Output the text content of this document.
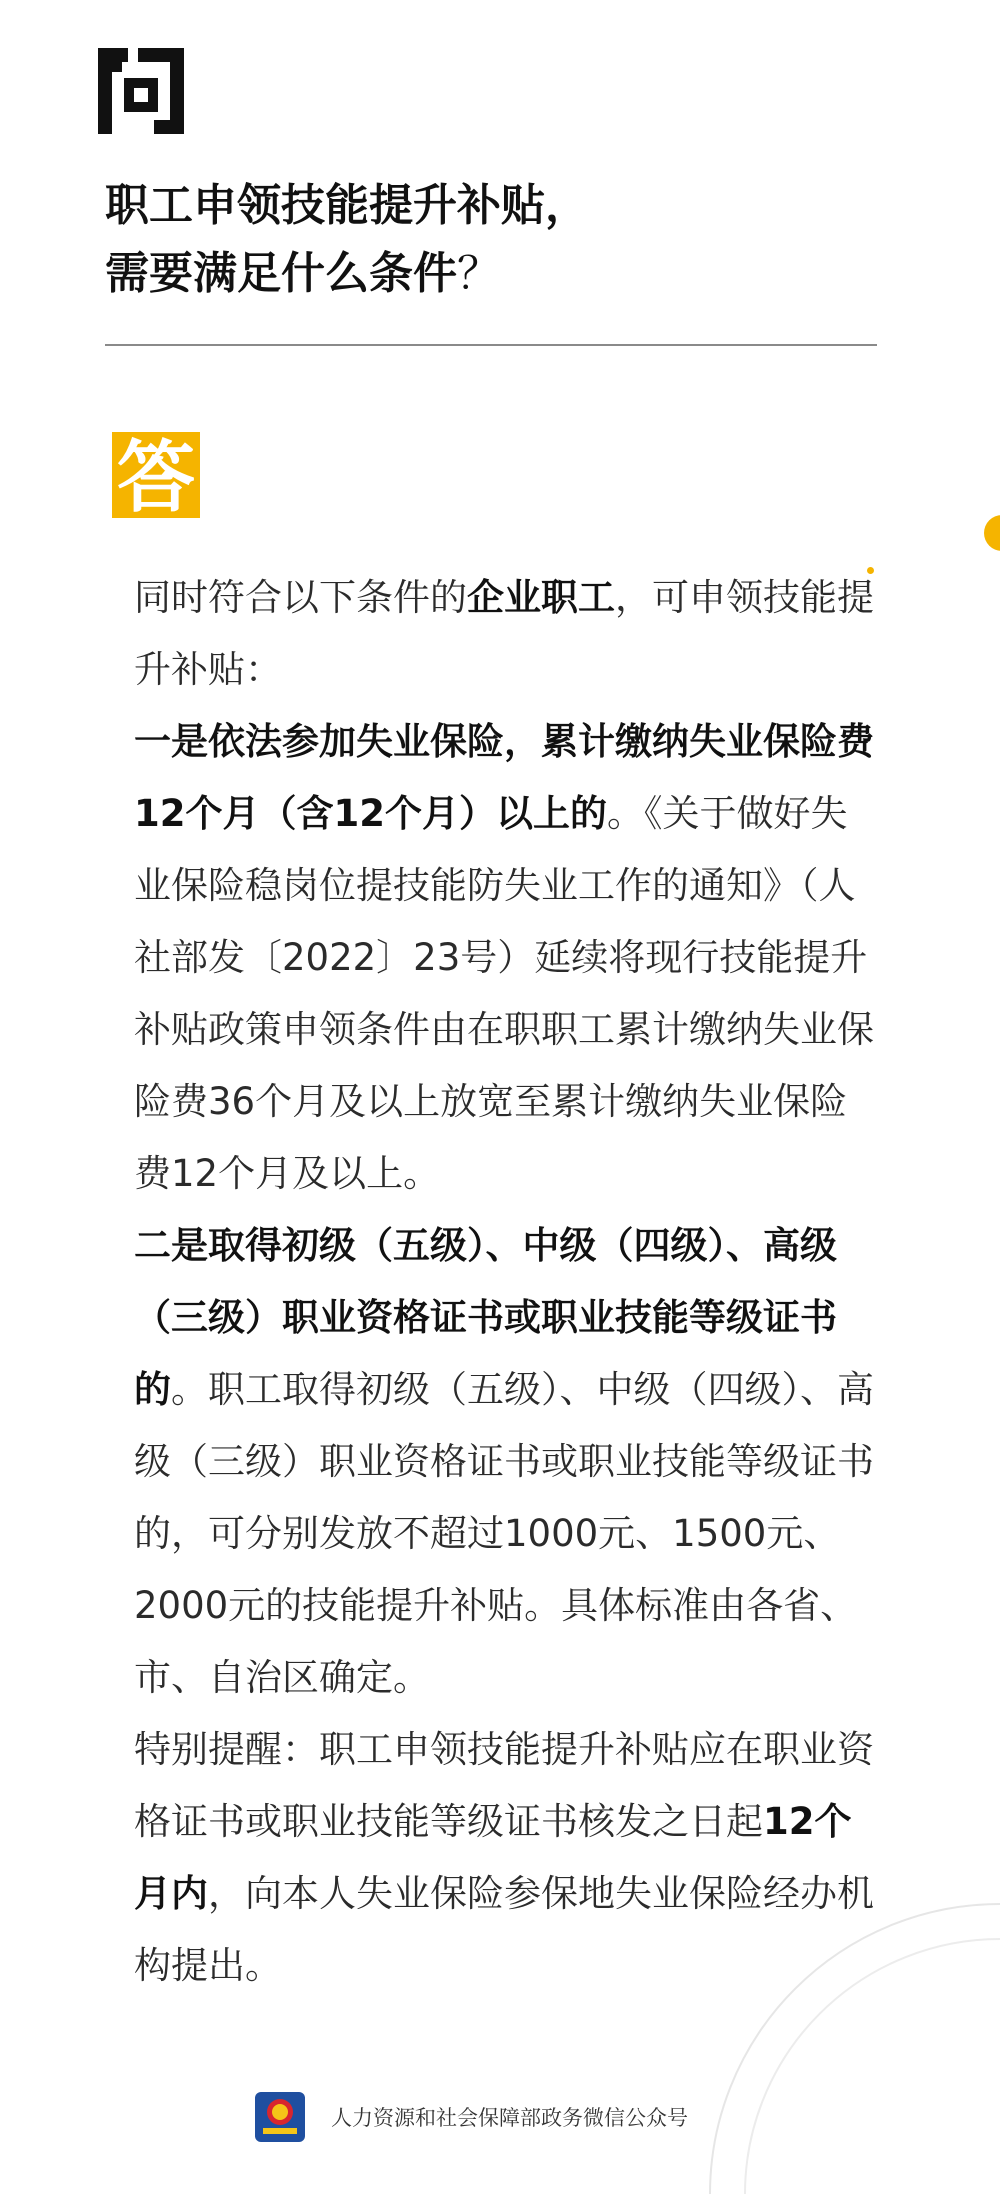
职工申领技能提升补贴，
需要满足什么条件？
答

同时符合以下条件的企业职工，可申领技能提升补贴：

一是依法参加失业保险，累计缴纳失业保险费12个月（含12个月）以上的。《关于做好失业保险稳岗位提技能防失业工作的通知》（人社部发〔2022〕23号）延续将现行技能提升补贴政策申领条件由在职职工累计缴纳失业保险费36个月及以上放宽至累计缴纳失业保险费12个月及以上。

二是取得初级（五级）、中级（四级）、高级（三级）职业资格证书或职业技能等级证书的。职工取得初级（五级）、中级（四级）、高级（三级）职业资格证书或职业技能等级证书的，可分别发放不超过1000元、1500元、2000元的技能提升补贴。具体标准由各省、市、自治区确定。

特别提醒：职工申领技能提升补贴应在职业资格证书或职业技能等级证书核发之日起12个月内，向本人失业保险参保地失业保险经办机构提出。

人力资源和社会保障部政务微信公众号
